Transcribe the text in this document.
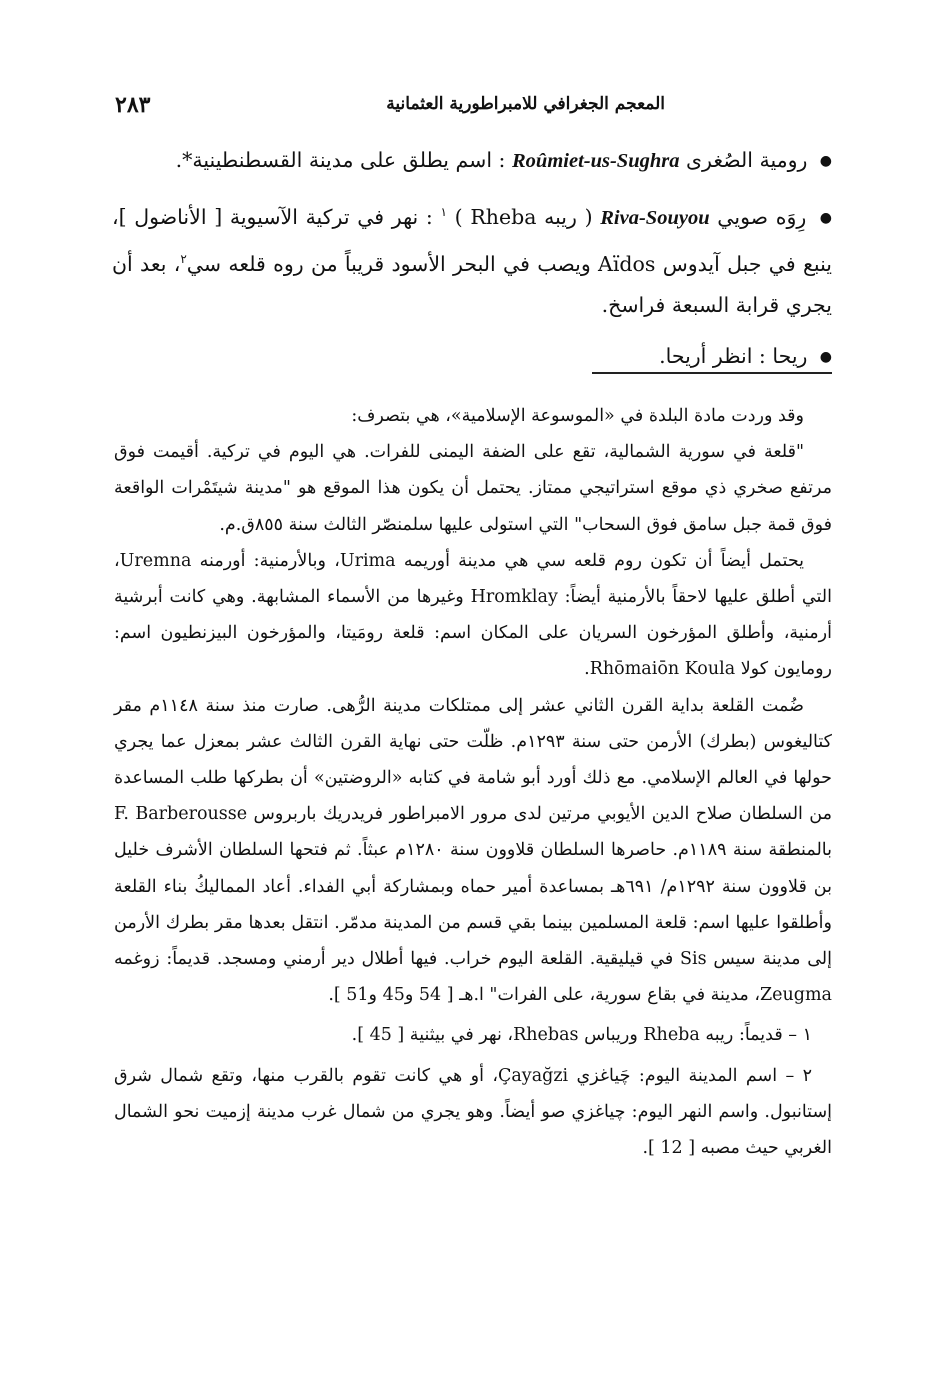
المعجم الجغرافي للامبراطورية العثمانية
٢٨٣
● رومية الصُغرى Roûmiet-us-Sughra : اسم يطلق على مدينة القسطنطينية*.
● رِوَه صويي Riva-Souyou ( ريبه Rheba ) $^١$ : نهر في تركية الآسيوية [ الأناضول ]، ينبع في جبل آيدوس Aïdos ويصب في البحر الأسود قريباً من روه قلعه سي$^٢$، بعد أن يجري قرابة السبعة فراسخ.
● ريحا : انظر أريحا.

وقد وردت مادة البلدة في «الموسوعة الإسلامية»، هي بتصرف:

"قلعة في سورية الشمالية، تقع على الضفة اليمنى للفرات. هي اليوم في تركية. أقيمت فوق مرتفع صخري ذي موقع استراتيجي ممتاز. يحتمل أن يكون هذا الموقع هو "مدينة شيتَمْرات الواقعة فوق قمة جبل سامق فوق السحاب" التي استولى عليها سلمنصّر الثالث سنة ٨٥٥ق.م.

يحتمل أيضاً أن تكون روم قلعه سي هي مدينة أوريمه Urima، وبالأرمنية: أورمنه Uremna، التي أطلق عليها لاحقاً بالأرمنية أيضاً: Hromklay وغيرها من الأسماء المشابهة. وهي كانت أبرشية أرمنية، وأطلق المؤرخون السريان على المكان اسم: قلعة رومَيتا، والمؤرخون البيزنطيون اسم: رومايون كولا Rhōmaiōn Koula.

ضُمت القلعة بداية القرن الثاني عشر إلى ممتلكات مدينة الرُّهى. صارت منذ سنة ١١٤٨م مقر كتاليغوس (بطرك) الأرمن حتى سنة ١٢٩٣م. ظلّت حتى نهاية القرن الثالث عشر بمعزل عما يجري حولها في العالم الإسلامي. مع ذلك أورد أبو شامة في كتابه «الروضتين» أن بطركها طلب المساعدة من السلطان صلاح الدين الأيوبي مرتين لدى مرور الامبراطور فريدريك باربروس F. Barberousse بالمنطقة سنة ١١٨٩م. حاصرها السلطان قلاوون سنة ١٢٨٠م عبثاً. ثم فتحها السلطان الأشرف خليل بن قلاوون سنة ١٢٩٢م/ ٦٩١هـ بمساعدة أمير حماه وبمشاركة أبي الفداء. أعاد المماليكُ بناء القلعة وأطلقوا عليها اسم: قلعة المسلمين بينما بقي قسم من المدينة مدمّر. انتقل بعدها مقر بطرك الأرمن إلى مدينة سيس Sis في قيليقية. القلعة اليوم خراب. فيها أطلال دير أرمني ومسجد. قديماً: زوغمه Zeugma، مدينة في بقاع سورية، على الفرات" ا.هـ [ 54 و45 و51 ].

١ – قديماً: ريبه Rheba وريباس Rhebas، نهر في بيثنية [ 45 ].

٢ – اسم المدينة اليوم: چَياغزي Çayağzi، أو هي كانت تقوم بالقرب منها، وتقع شمال شرق إستانبول. واسم النهر اليوم: چياغزي صو أيضاً. وهو يجري من شمال غرب مدينة إزميت نحو الشمال الغربي حيث مصبه [ 12 ].
